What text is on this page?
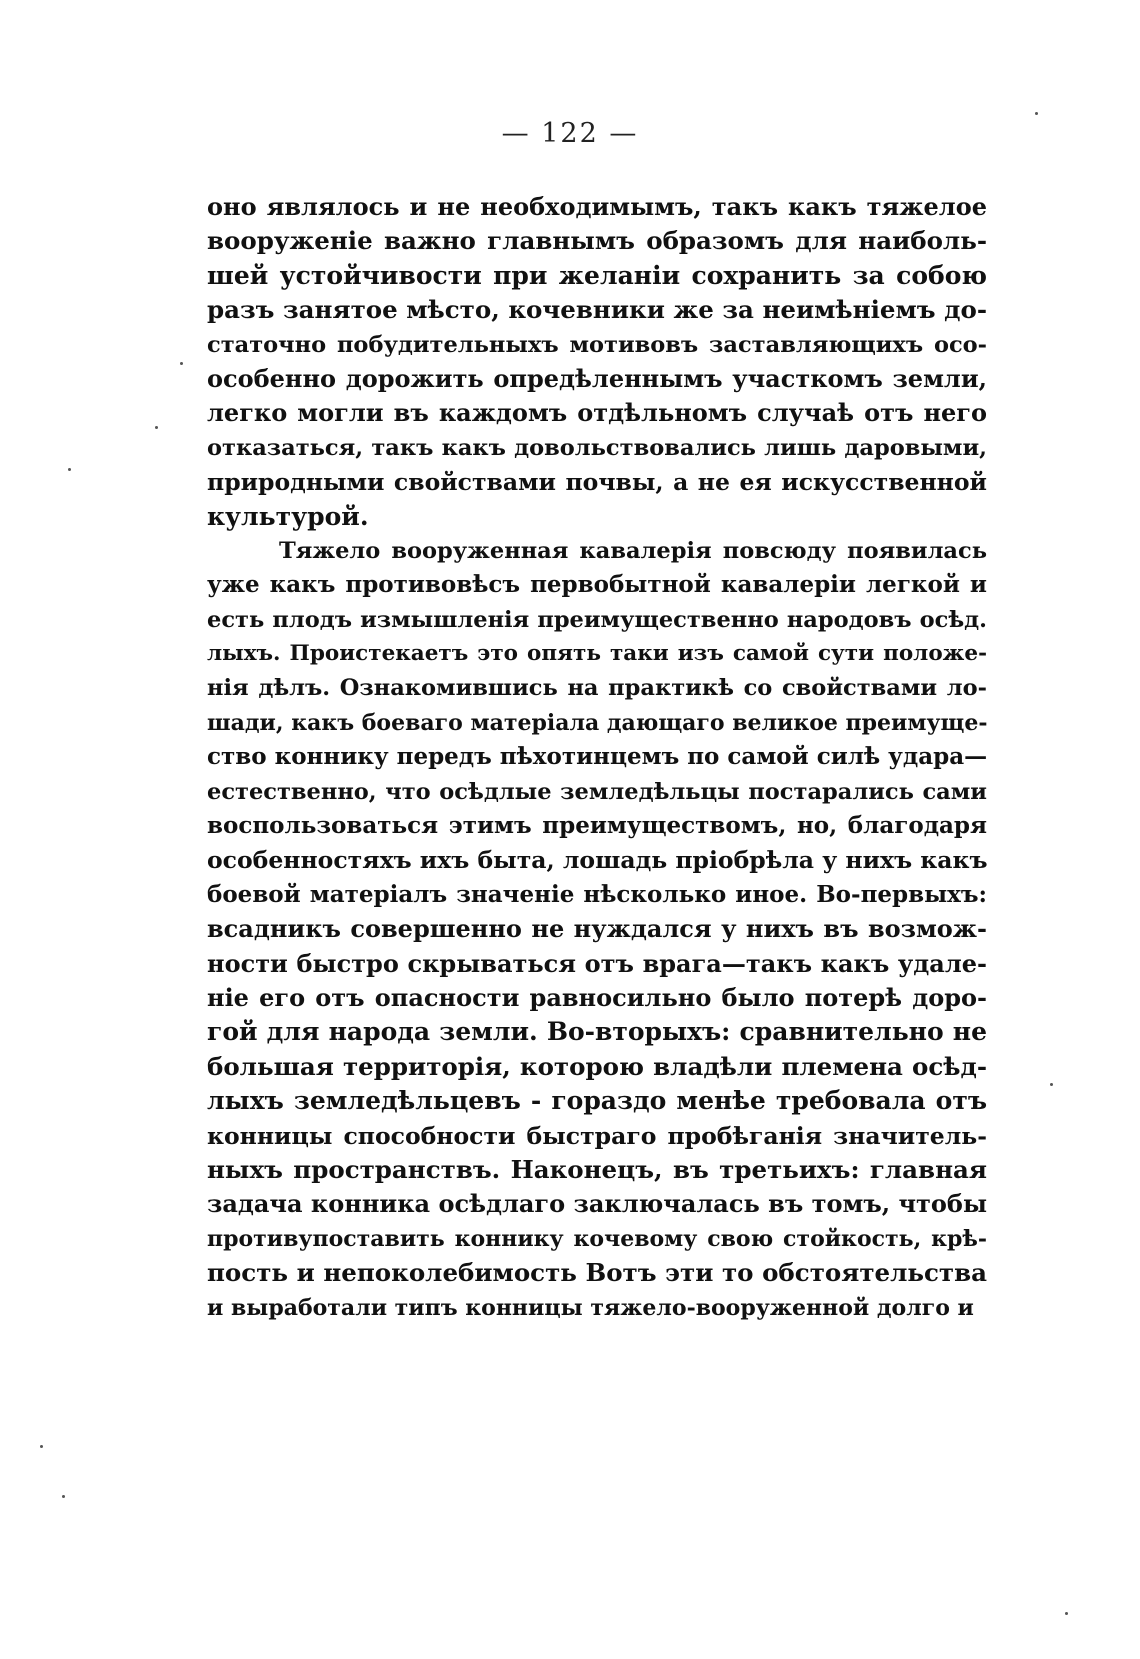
— 122 —
оно являлось и не необходимымъ, такъ какъ тяжелое
вооруженіе важно главнымъ образомъ для наиболь-
шей устойчивости при желаніи сохранить за собою
разъ занятое мѣсто, кочевники же за неимѣніемъ до-
статочно побудительныхъ мотивовъ заставляющихъ осо-
особенно дорожить опредѣленнымъ участкомъ земли,
легко могли въ каждомъ отдѣльномъ случаѣ отъ него
отказаться, такъ какъ довольствовались лишь даровыми,
природными свойствами почвы, а не ея искусственной
культурой.
Тяжело вооруженная кавалерія повсюду появилась
уже какъ противовѣсъ первобытной кавалеріи легкой и
есть плодъ измышленія преимущественно народовъ осѣд.
лыхъ. Проистекаетъ это опять таки изъ самой сути положе-
нія дѣлъ. Ознакомившись на практикѣ со свойствами ло-
шади, какъ боеваго матеріала дающаго великое преимуще-
ство коннику передъ пѣхотинцемъ по самой силѣ удара—
естественно, что осѣдлые земледѣльцы постарались сами
воспользоваться этимъ преимуществомъ, но, благодаря
особенностяхъ ихъ быта, лошадь пріобрѣла у нихъ какъ
боевой матеріалъ значеніе нѣсколько иное. Во-первыхъ:
всадникъ совершенно не нуждался у нихъ въ возмож-
ности быстро скрываться отъ врага—такъ какъ удале-
ніе его отъ опасности равносильно было потерѣ доро-
гой для народа земли. Во-вторыхъ: сравнительно не
большая территорія, которою владѣли племена осѣд-
лыхъ земледѣльцевъ - гораздо менѣе требовала отъ
конницы способности быстраго пробѣганія значитель-
ныхъ пространствъ. Наконецъ, въ третьихъ: главная
задача конника осѣдлаго заключалась въ томъ, чтобы
противупоставить коннику кочевому свою стойкость, крѣ-
пость и непоколебимость Вотъ эти то обстоятельства
и выработали типъ конницы тяжело-вооруженной долго и
